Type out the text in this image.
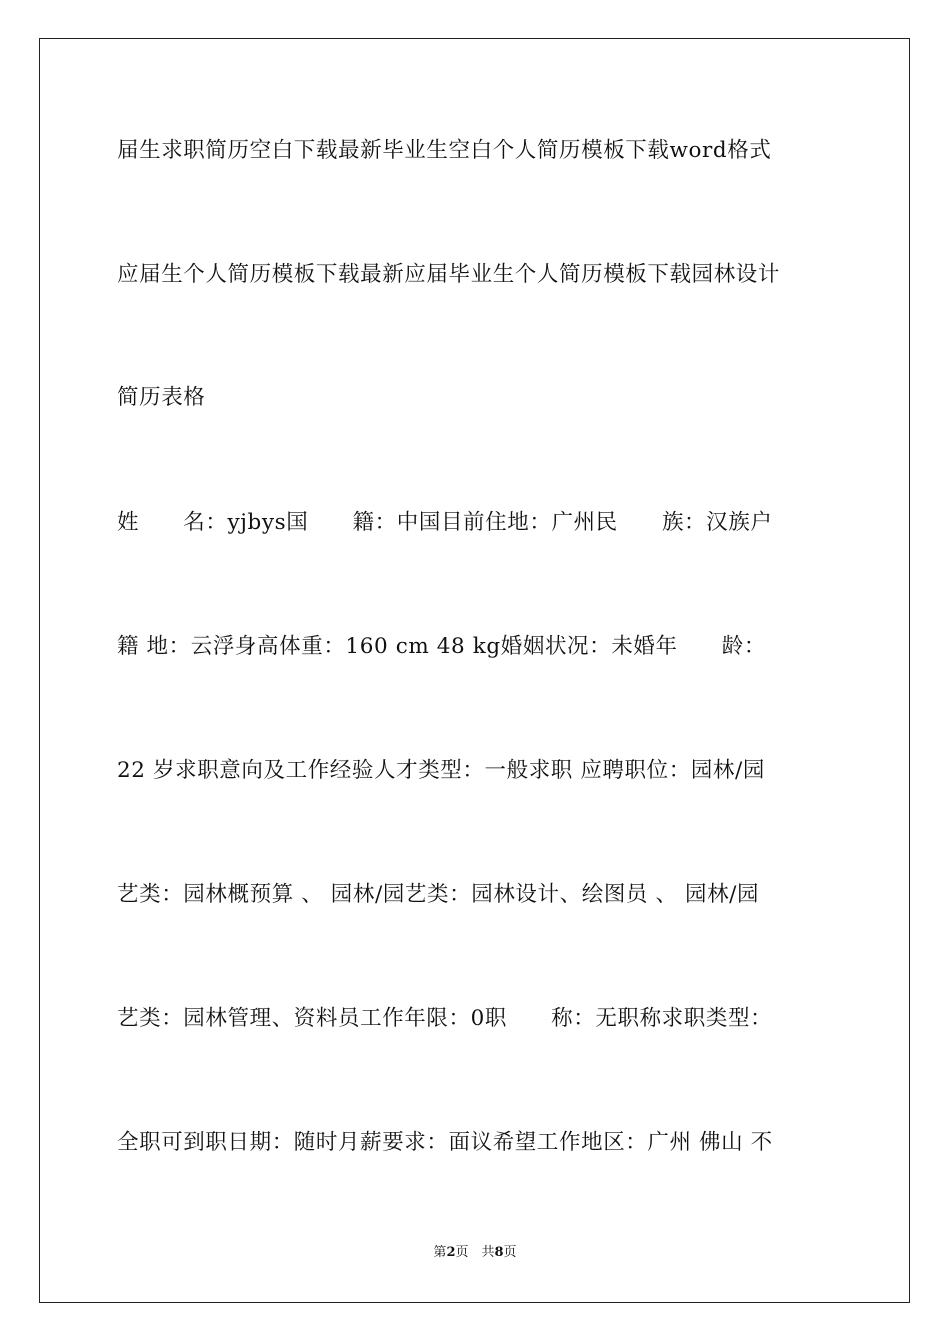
届生求职简历空白下载最新毕业生空白个人简历模板下载word格式
应届生个人简历模板下载最新应届毕业生个人简历模板下载园林设计
简历表格
姓　　名：yjbys国　　籍：中国目前住地：广州民　　族：汉族户
籍 地：云浮身高体重：160 cm 48 kg婚姻状况：未婚年　　龄：
22 岁求职意向及工作经验人才类型：一般求职 应聘职位：园林/园
艺类：园林概预算 、 园林/园艺类：园林设计、绘图员 、 园林/园
艺类：园林管理、资料员工作年限：0职　　称：无职称求职类型：
全职可到职日期：随时月薪要求：面议希望工作地区：广州 佛山 不
第2页　共8页
